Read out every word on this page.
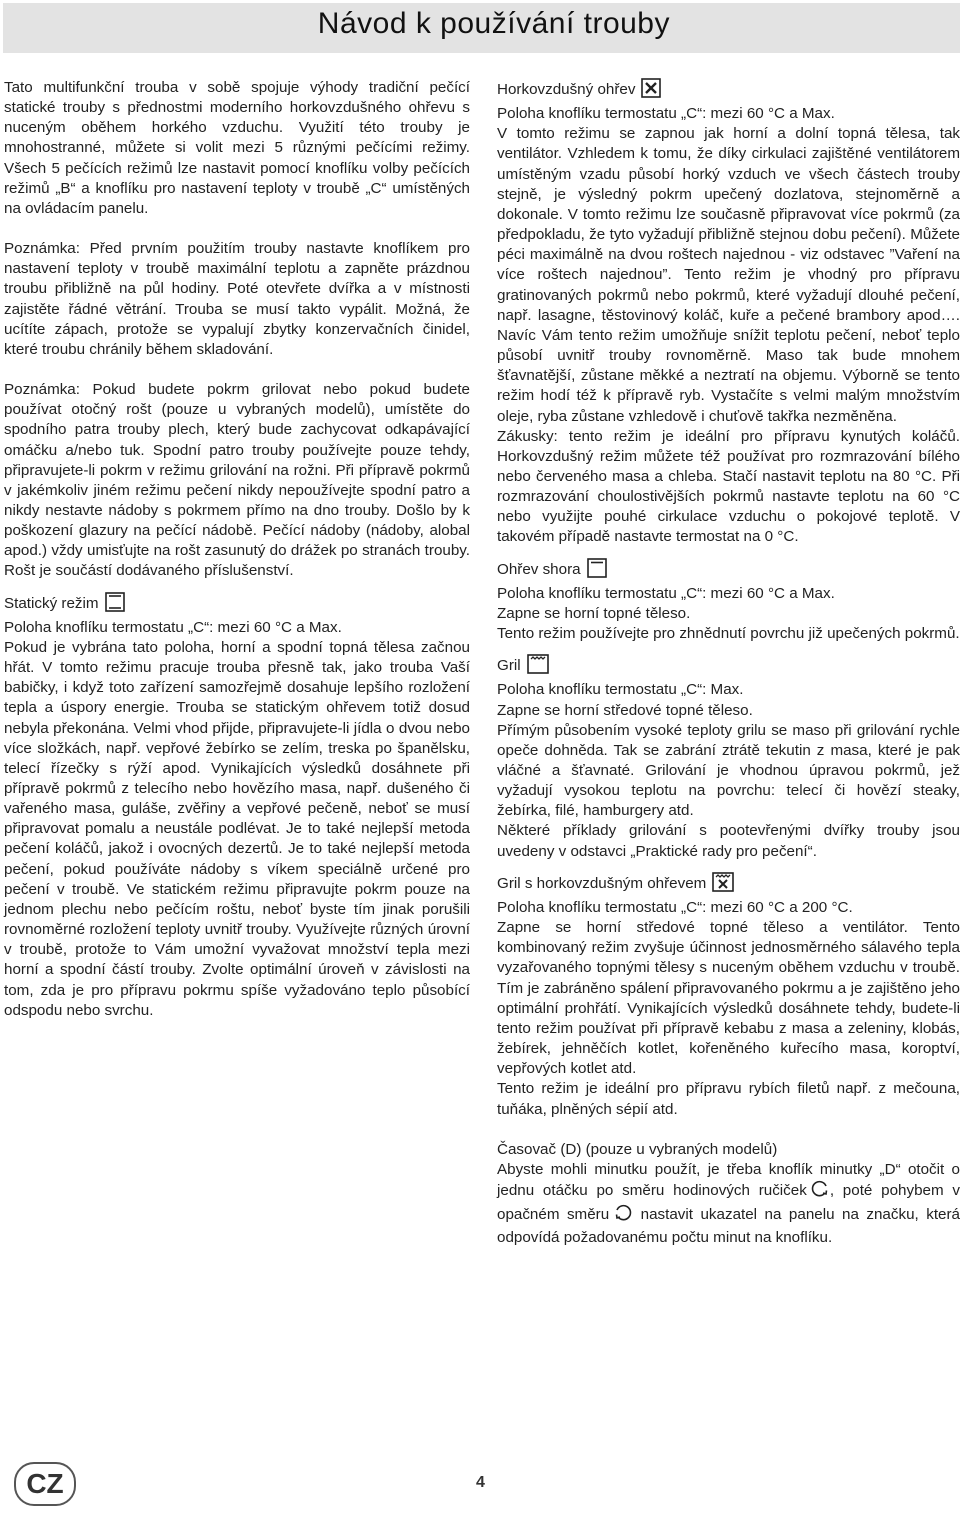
Návod k používání trouby

Tato multifunkční trouba v sobě spojuje výhody tradiční pečící statické trouby s přednostmi moderního horkovzdušného ohřevu s nuceným oběhem horkého vzduchu. Využití této trouby je mnohostranné, můžete si volit mezi 5 různými pečícími režimy. Všech 5 pečících režimů lze nastavit pomocí knoflíku volby pečících režimů „B“ a knoflíku pro nastavení teploty v troubě „C“ umístěných na ovládacím panelu.

Poznámka: Před prvním použitím trouby nastavte knoflíkem pro nastavení teploty v troubě maximální teplotu a zapněte prázdnou troubu přibližně na půl hodiny. Poté otevřete dvířka a v místnosti zajistěte řádné větrání. Trouba se musí takto vypálit. Možná, že ucítíte zápach, protože se vypalují zbytky konzervačních činidel, které troubu chránily během skladování.

Poznámka: Pokud budete pokrm grilovat nebo pokud budete používat otočný rošt (pouze u vybraných modelů), umístěte do spodního patra trouby plech, který bude zachycovat odkapávající omáčku a/nebo tuk. Spodní patro trouby používejte pouze tehdy, připravujete-li pokrm v režimu grilování na rožni. Při přípravě pokrmů v jakémkoliv jiném režimu pečení nikdy nepoužívejte spodní patro a nikdy nestavte nádoby s pokrmem přímo na dno trouby. Došlo by k poškození glazury na pečící nádobě. Pečící nádoby (nádoby, alobal apod.) vždy umisťujte na rošt zasunutý do drážek po stranách trouby. Rošt je součástí dodávaného příslušenství.

Statický režim

Poloha knoflíku termostatu „C“: mezi 60 °C a Max.

Pokud je vybrána tato poloha, horní a spodní topná tělesa začnou hřát. V tomto režimu pracuje trouba přesně tak, jako trouba Vaší babičky, i když toto zařízení samozřejmě dosahuje lepšího rozložení tepla a úspory energie. Trouba se statickým ohřevem totiž dosud nebyla překonána. Velmi vhod přijde, připravujete-li jídla o dvou nebo více složkách, např. vepřové žebírko se zelím, treska po španělsku, telecí řízečky s rýží apod. Vynikajících výsledků dosáhnete při přípravě pokrmů z telecího nebo hovězího masa, např. dušeného či vařeného masa, guláše, zvěřiny a vepřové pečeně, neboť se musí připravovat pomalu a neustále podlévat. Je to také nejlepší metoda pečení koláčů, jakož i ovocných dezertů. Je to také nejlepší metoda pečení, pokud používáte nádoby s víkem speciálně určené pro pečení v troubě. Ve statickém režimu připravujte pokrm pouze na jednom plechu nebo pečícím roštu, neboť byste tím jinak porušili rovnoměrné rozložení teploty uvnitř trouby. Využívejte různých úrovní v troubě, protože to Vám umožní vyvažovat množství tepla mezi horní a spodní částí trouby. Zvolte optimální úroveň v závislosti na tom, zda je pro přípravu pokrmu spíše vyžadováno teplo působící odspodu nebo svrchu.

Horkovzdušný ohřev

Poloha knoflíku termostatu „C“: mezi 60 °C a Max.

V tomto režimu se zapnou jak horní a dolní topná tělesa, tak ventilátor. Vzhledem k tomu, že díky cirkulaci zajištěné ventilátorem umístěným vzadu působí horký vzduch ve všech částech trouby stejně, je výsledný pokrm upečený dozlatova, stejnoměrně a dokonale. V tomto režimu lze současně připravovat více pokrmů (za předpokladu, že tyto vyžadují přibližně stejnou dobu pečení). Můžete péci maximálně na dvou roštech najednou - viz odstavec ”Vaření na více roštech najednou”. Tento režim je vhodný pro přípravu gratinovaných pokrmů nebo pokrmů, které vyžadují dlouhé pečení, např. lasagne, těstovinový koláč, kuře a pečené brambory apod…. Navíc Vám tento režim umožňuje snížit teplotu pečení, neboť teplo působí uvnitř trouby rovnoměrně. Maso tak bude mnohem šťavnatější, zůstane měkké a neztratí na objemu. Výborně se tento režim hodí též k přípravě ryb. Vystačíte s velmi malým množstvím oleje, ryba zůstane vzhledově i chuťově takřka nezměněna.

Zákusky: tento režim je ideální pro přípravu kynutých koláčů. Horkovzdušný režim můžete též používat pro rozmrazování bílého nebo červeného masa a chleba. Stačí nastavit teplotu na 80 °C. Při rozmrazování choulostivějších pokrmů nastavte teplotu na 60 °C nebo využijte pouhé cirkulace vzduchu o pokojové teplotě. V takovém případě nastavte termostat na 0 °C.

Ohřev shora

Poloha knoflíku termostatu „C“: mezi 60 °C a Max.

Zapne se horní topné těleso.

Tento režim používejte pro zhnědnutí povrchu již upečených pokrmů.

Gril

Poloha knoflíku termostatu „C“: Max.

Zapne se horní středové topné těleso.

Přímým působením vysoké teploty grilu se maso při grilování rychle opeče dohněda. Tak se zabrání ztrátě tekutin z masa, které je pak vláčné a šťavnaté. Grilování je vhodnou úpravou pokrmů, jež vyžadují vysokou teplotu na povrchu: telecí či hovězí steaky, žebírka, filé, hamburgery atd.

Některé příklady grilování s pootevřenými dvířky trouby jsou uvedeny v odstavci „Praktické rady pro pečení“.

Gril s horkovzdušným ohřevem

Poloha knoflíku termostatu „C“: mezi 60 °C a 200 °C.

Zapne se horní středové topné těleso a ventilátor. Tento kombinovaný režim zvyšuje účinnost jednosměrného sálavého tepla vyzařovaného topnými tělesy s nuceným oběhem vzduchu v troubě. Tím je zabráněno spálení připravovaného pokrmu a je zajištěno jeho optimální prohřátí. Vynikajících výsledků dosáhnete tehdy, budete-li tento režim používat při přípravě kebabu z masa a zeleniny, klobás, žebírek, jehněčích kotlet, kořeněného kuřecího masa, koroptví, vepřových kotlet atd.

Tento režim je ideální pro přípravu rybích filetů např. z mečouna, tuňáka, plněných sépií atd.

Časovač (D) (pouze u vybraných modelů)

Abyste mohli minutku použít, je třeba knoflík minutky „D“ otočit o jednu otáčku po směru hodinových ručiček , poté pohybem v opačném směru nastavit ukazatel na panelu na značku, která odpovídá požadovanému počtu minut na knoflíku.

CZ	4
